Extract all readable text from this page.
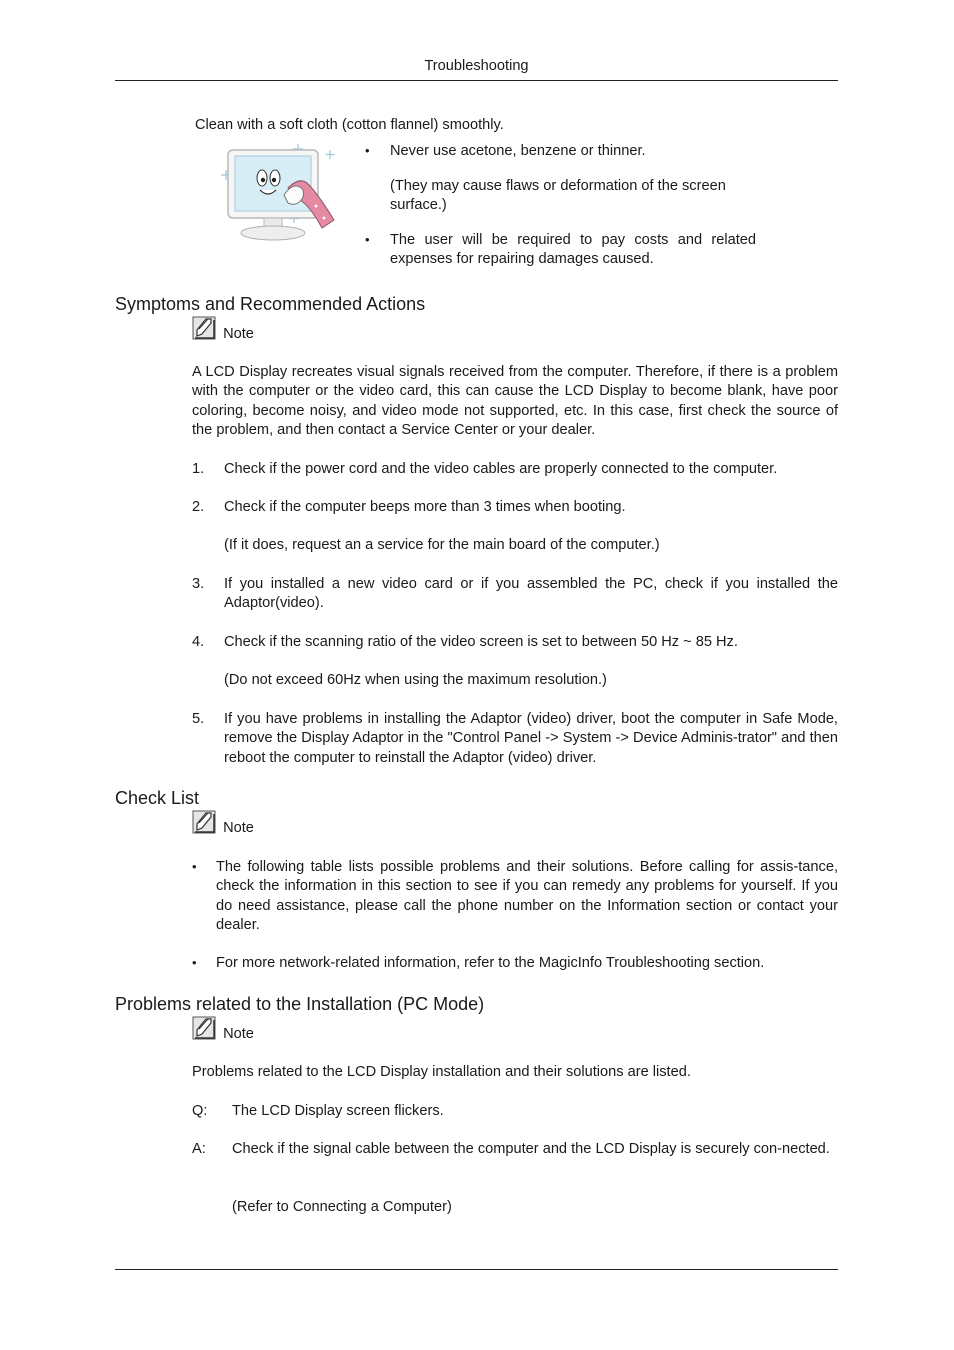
Troubleshooting
Clean with a soft cloth (cotton flannel) smoothly.
• Never use acetone, benzene or thinner.
(They may cause flaws or deformation of the screen surface.)
• The user will be required to pay costs and related expenses for repairing damages caused.
Symptoms and Recommended Actions
Note
A LCD Display recreates visual signals received from the computer. Therefore, if there is a problem with the computer or the video card, this can cause the LCD Display to become blank, have poor coloring, become noisy, and video mode not supported, etc. In this case, first check the source of the problem, and then contact a Service Center or your dealer.
1. Check if the power cord and the video cables are properly connected to the computer.
2. Check if the computer beeps more than 3 times when booting.
(If it does, request an a service for the main board of the computer.)
3. If you installed a new video card or if you assembled the PC, check if you installed the Adaptor(video).
4. Check if the scanning ratio of the video screen is set to between 50 Hz ~ 85 Hz.
(Do not exceed 60Hz when using the maximum resolution.)
5. If you have problems in installing the Adaptor (video) driver, boot the computer in Safe Mode, remove the Display Adaptor in the "Control Panel -> System -> Device Adminis-trator" and then reboot the computer to reinstall the Adaptor (video) driver.
Check List
Note
• The following table lists possible problems and their solutions. Before calling for assis-tance, check the information in this section to see if you can remedy any problems for yourself. If you do need assistance, please call the phone number on the Information section or contact your dealer.
• For more network-related information, refer to the MagicInfo Troubleshooting section.
Problems related to the Installation (PC Mode)
Note
Problems related to the LCD Display installation and their solutions are listed.
Q: The LCD Display screen flickers.
A: Check if the signal cable between the computer and the LCD Display is securely con-nected.
(Refer to Connecting a Computer)
